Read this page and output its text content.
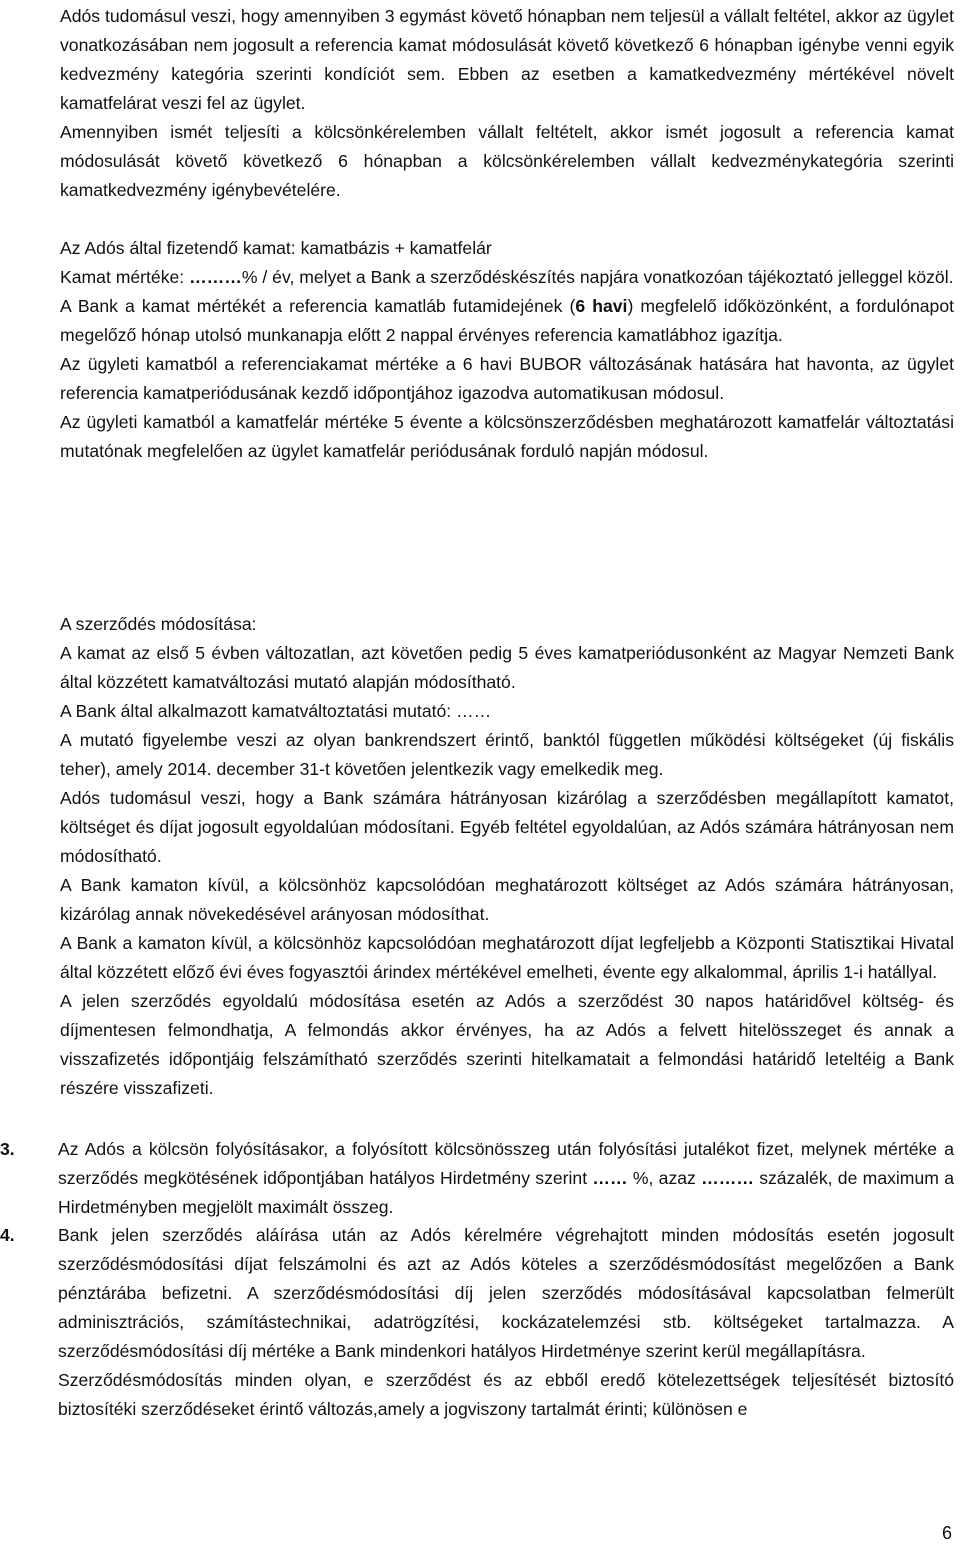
Adós tudomásul veszi, hogy amennyiben 3 egymást követő hónapban nem teljesül a vállalt feltétel, akkor az ügylet vonatkozásában nem jogosult a referencia kamat módosulását követő következő 6 hónapban igénybe venni egyik kedvezmény kategória szerinti kondíciót sem. Ebben az esetben a kamatkedvezmény mértékével növelt kamatfelárat veszi fel az ügylet.

Amennyiben ismét teljesíti a kölcsönkérelemben vállalt feltételt, akkor ismét jogosult a referencia kamat módosulását követő következő 6 hónapban a kölcsönkérelemben vállalt kedvezménykategória szerinti kamatkedvezmény igénybevételére.

Az Adós által fizetendő kamat: kamatbázis + kamatfelár

Kamat mértéke: ………% / év, melyet a Bank a szerződéskészítés napjára vonatkozóan tájékoztató jelleggel közöl.

A Bank a kamat mértékét a referencia kamatláb futamidejének (6 havi) megfelelő időközönként, a fordulónapot megelőző hónap utolsó munkanapja előtt 2 nappal érvényes referencia kamatlábhoz igazítja.

Az ügyleti kamatból a referenciakamat mértéke a 6 havi BUBOR változásának hatására hat havonta, az ügylet referencia kamatperiódusának kezdő időpontjához igazodva automatikusan módosul.

Az ügyleti kamatból a kamatfelár mértéke 5 évente a kölcsönszerződésben meghatározott kamatfelár változtatási mutatónak megfelelően az ügylet kamatfelár periódusának forduló napján módosul.

A szerződés módosítása:

A kamat az első 5 évben változatlan, azt követően pedig 5 éves kamatperiódusonként az Magyar Nemzeti Bank által közzétett kamatváltozási mutató alapján módosítható.

A Bank által alkalmazott kamatváltoztatási mutató: ……

A mutató figyelembe veszi az olyan bankrendszert érintő, banktól független működési költségeket (új fiskális teher), amely 2014. december 31-t követően jelentkezik vagy emelkedik meg.

Adós tudomásul veszi, hogy a Bank számára hátrányosan kizárólag a szerződésben megállapított kamatot, költséget és díjat jogosult egyoldalúan módosítani. Egyéb feltétel egyoldalúan, az Adós számára hátrányosan nem módosítható.

A Bank kamaton kívül, a kölcsönhöz kapcsolódóan meghatározott költséget az Adós számára hátrányosan, kizárólag annak növekedésével arányosan módosíthat.

A Bank a kamaton kívül, a kölcsönhöz kapcsolódóan meghatározott díjat legfeljebb a Központi Statisztikai Hivatal által közzétett előző évi éves fogyasztói árindex mértékével emelheti, évente egy alkalommal, április 1-i hatállyal.

A jelen szerződés egyoldalú módosítása esetén az Adós a szerződést 30 napos határidővel költség- és díjmentesen felmondhatja, A felmondás akkor érvényes, ha az Adós a felvett hitelösszeget és annak a visszafizetés időpontjáig felszámítható szerződés szerinti hitelkamatait a felmondási határidő leteltéig a Bank részére visszafizeti.

3.	Az Adós a kölcsön folyósításakor, a folyósított kölcsönösszeg után folyósítási jutalékot fizet, melynek mértéke a szerződés megkötésének időpontjában hatályos Hirdetmény szerint …… %, azaz ……… százalék, de maximum a Hirdetményben megjelölt maximált összeg.

4.	Bank jelen szerződés aláírása után az Adós kérelmére végrehajtott minden módosítás esetén jogosult szerződésmódosítási díjat felszámolni és azt az Adós köteles a szerződésmódosítást megelőzően a Bank pénztárába befizetni. A szerződésmódosítási díj jelen szerződés módosításával kapcsolatban felmerült adminisztrációs, számítástechnikai, adatrögzítési, kockázatelemzési stb. költségeket tartalmazza. A szerződésmódosítási díj mértéke a Bank mindenkori hatályos Hirdetménye szerint kerül megállapításra.

Szerződésmódosítás minden olyan, e szerződést és az ebből eredő kötelezettségek teljesítését biztosító biztosítéki szerződéseket érintő változás,amely a jogviszony tartalmát érinti; különösen e

6
